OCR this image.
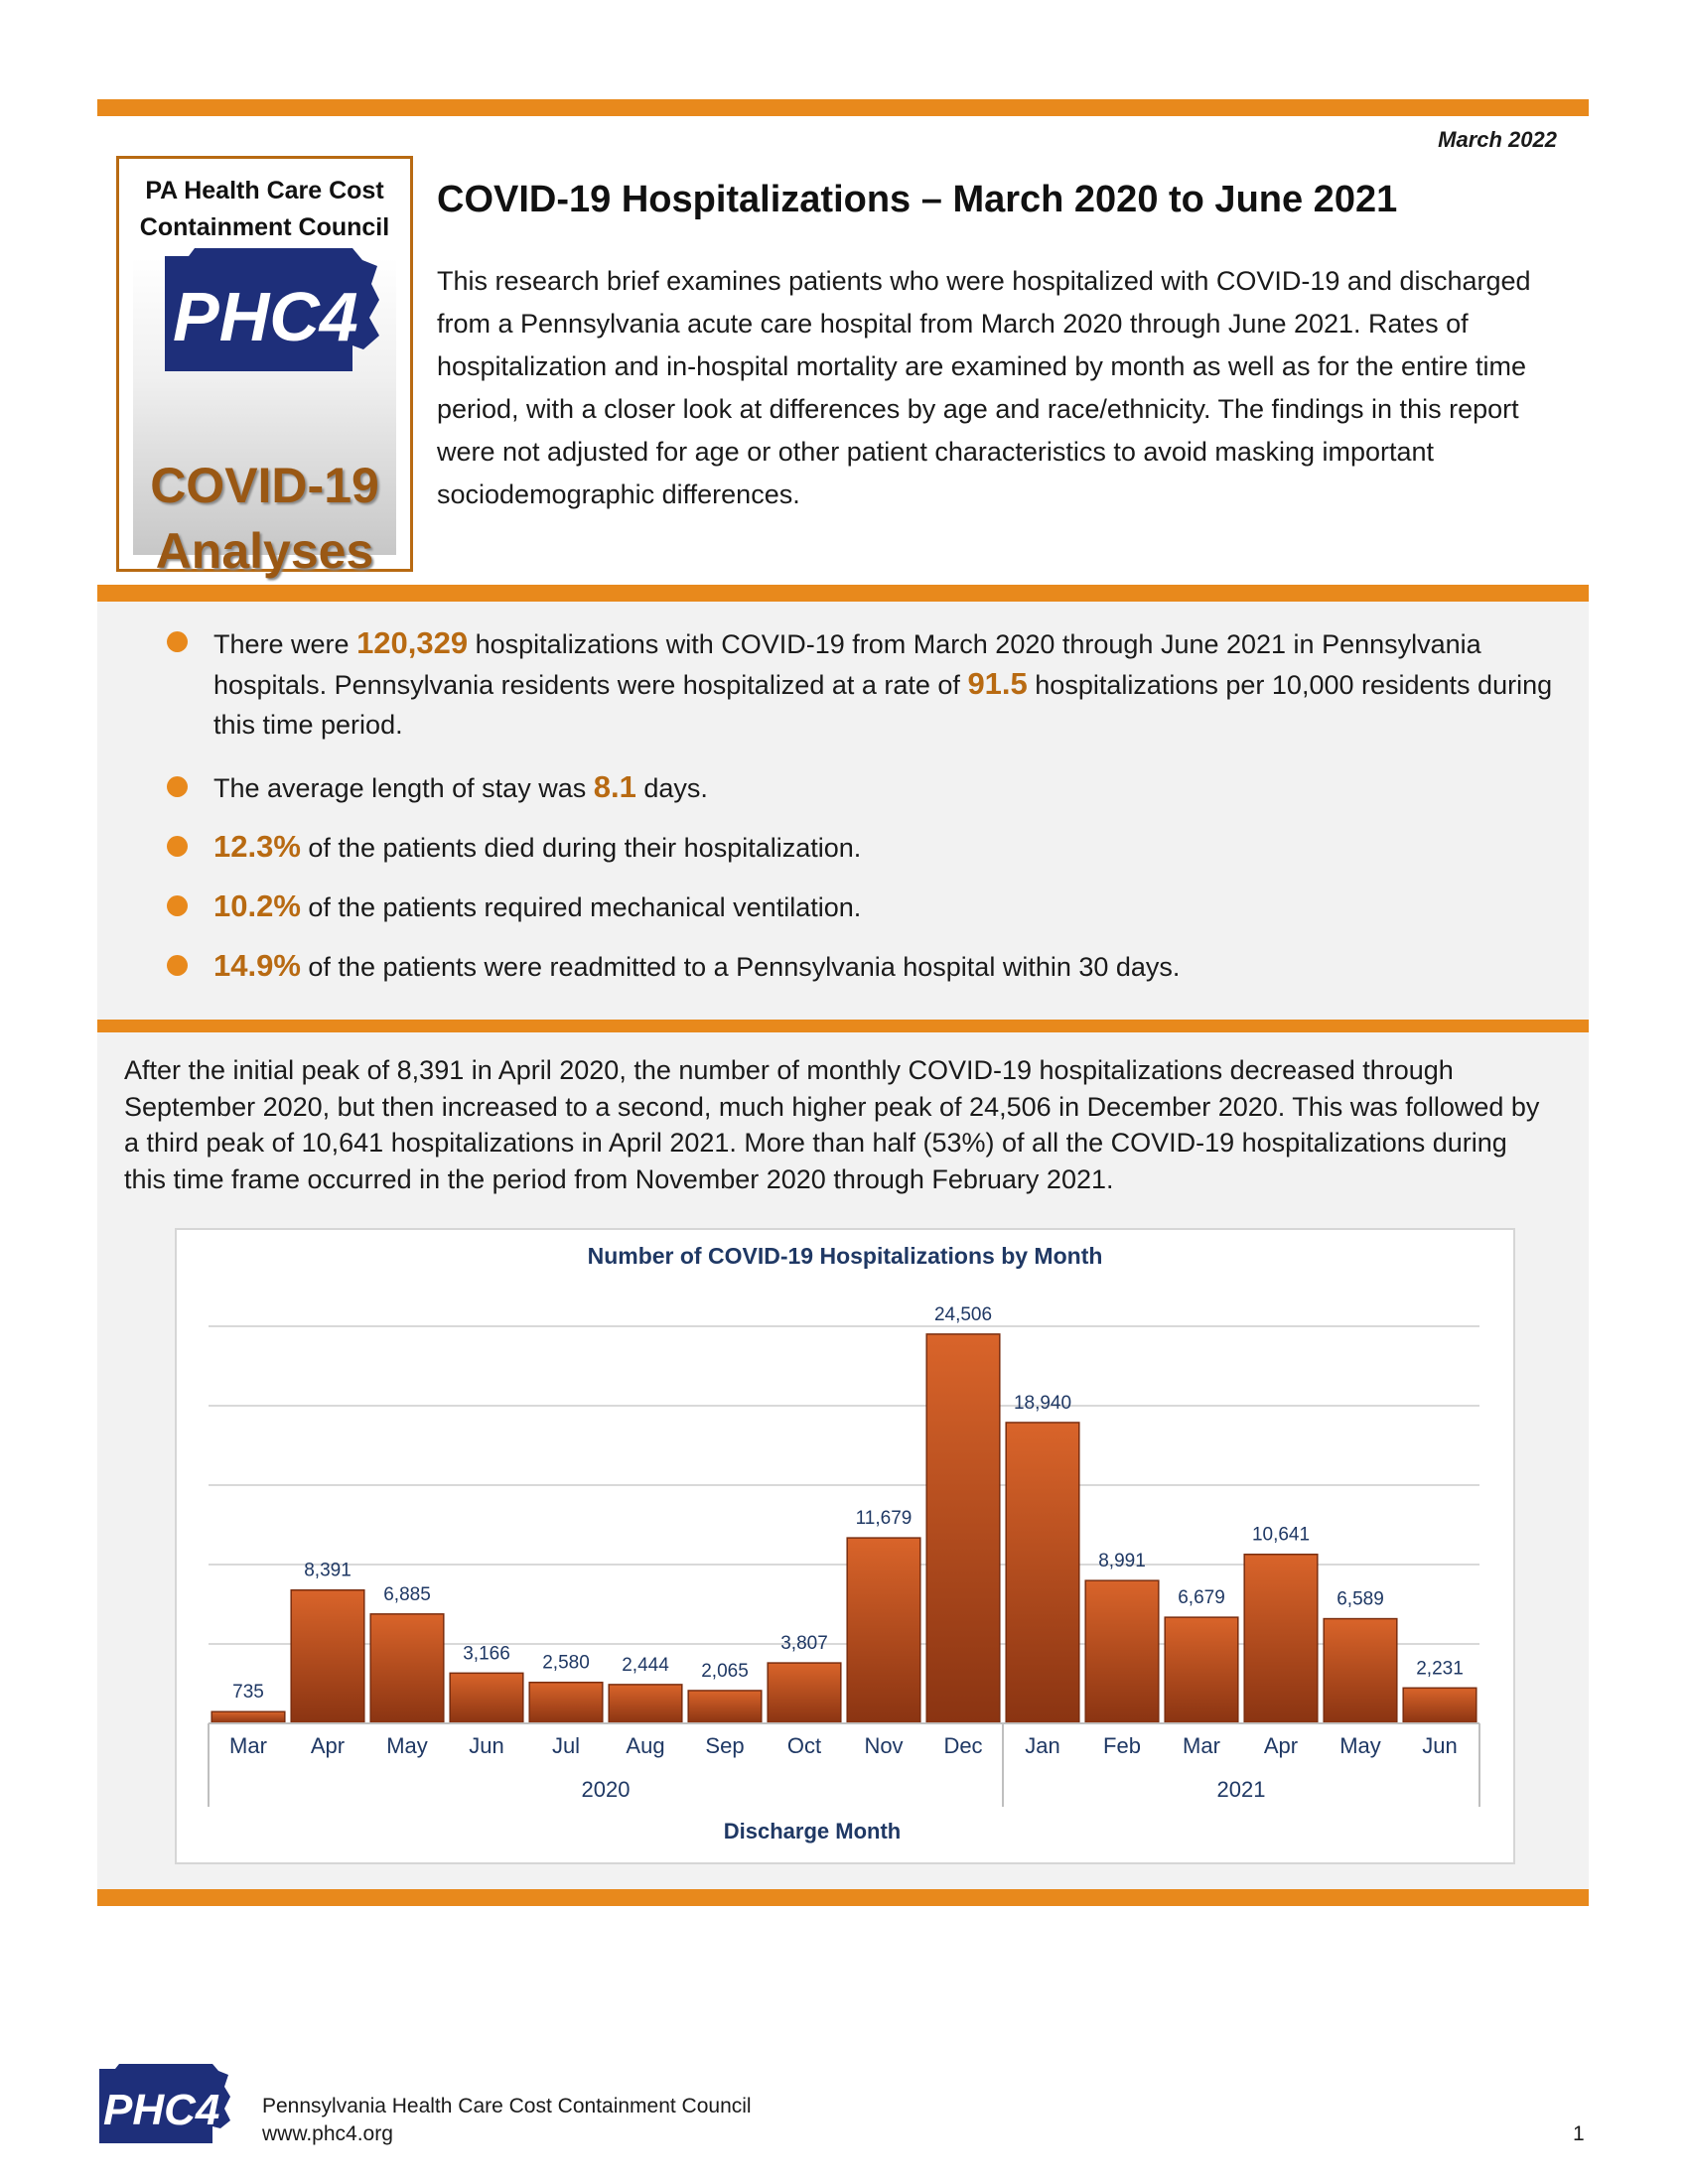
March 2022
PA Health Care Cost
Containment Council
PHC4
COVID-19
Analyses
COVID-19 Hospitalizations – March 2020 to June 2021
This research brief examines patients who were hospitalized with COVID-19 and discharged from a Pennsylvania acute care hospital from March 2020 through June 2021. Rates of hospitalization and in-hospital mortality are examined by month as well as for the entire time period, with a closer look at differences by age and race/ethnicity. The findings in this report were not adjusted for age or other patient characteristics to avoid masking important sociodemographic differences.
There were 120,329 hospitalizations with COVID-19 from March 2020 through June 2021 in Pennsylvania hospitals. Pennsylvania residents were hospitalized at a rate of 91.5 hospitalizations per 10,000 residents during this time period.
The average length of stay was 8.1 days.
12.3% of the patients died during their hospitalization.
10.2% of the patients required mechanical ventilation.
14.9% of the patients were readmitted to a Pennsylvania hospital within 30 days.
After the initial peak of 8,391 in April 2020, the number of monthly COVID-19 hospitalizations decreased through September 2020, but then increased to a second, much higher peak of 24,506 in December 2020. This was followed by a third peak of 10,641 hospitalizations in April 2021. More than half (53%) of all the COVID-19 hospitalizations during this time frame occurred in the period from November 2020 through February 2021.
Number of COVID-19 Hospitalizations by Month
735
8,391
6,885
3,166 2,580 2,444 2,065
3,807
11,679
24,506
18,940
8,991
6,679
10,641
6,589
2,231
Mar Apr May Jun Jul Aug Sep Oct Nov Dec Jan Feb Mar Apr May Jun
2020	2021
Discharge Month
PHC4 Pennsylvania Health Care Cost Containment Council
www.phc4.org	1
